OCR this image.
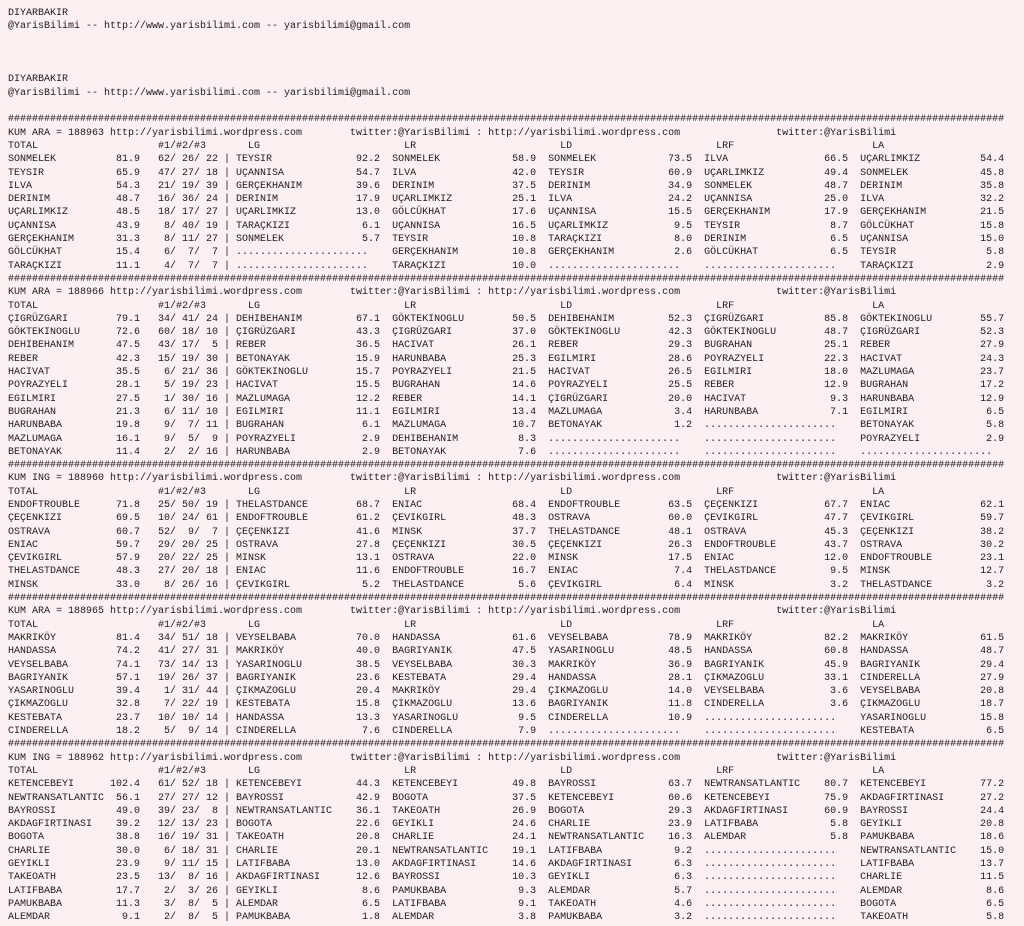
DIYARBAKIR
@YarisBilimi -- http://www.yarisbilimi.com -- yarisbilimi@gmail.com
DIYARBAKIR
@YarisBilimi -- http://www.yarisbilimi.com -- yarisbilimi@gmail.com
######################################################################################################################################################################
KUM ARA = 188963 http://yarisbilimi.wordpress.com        twitter:@YarisBilimi : http://yarisbilimi.wordpress.com                twitter:@YarisBilimi
TOTAL                    #1/#2/#3       LG                        LR                        LD                        LRF                       LA
SONMELEK          81.9   62/ 26/ 22 | TEYSIR              92.2  SONMELEK            58.9  SONMELEK            73.5  ILVA                66.5  UÇARLIMKIZ          54.4
TEYSIR            65.9   47/ 27/ 18 | UÇANNISA            54.7  ILVA                42.0  TEYSIR              60.9  UÇARLIMKIZ          49.4  SONMELEK            45.8
ILVA              54.3   21/ 19/ 39 | GERÇEKHANIM         39.6  DERINIM             37.5  DERINIM             34.9  SONMELEK            48.7  DERINIM             35.8
DERINIM           48.7   16/ 36/ 24 | DERINIM             17.9  UÇARLIMKIZ          25.1  ILVA                24.2  UÇANNISA            25.0  ILVA                32.2
UÇARLIMKIZ        48.5   18/ 17/ 27 | UÇARLIMKIZ          13.0  GÖLCÜKHAT           17.6  UÇANNISA            15.5  GERÇEKHANIM         17.9  GERÇEKHANIM         21.5
UÇANNISA          43.9    8/ 40/ 19 | TARAÇKIZI            6.1  UÇANNISA            16.5  UÇARLIMKIZ           9.5  TEYSIR               8.7  GÖLCÜKHAT           15.8
GERÇEKHANIM       31.3    8/ 11/ 27 | SONMELEK             5.7  TEYSIR              10.8  TARAÇKIZI            8.0  DERINIM              6.5  UÇANNISA            15.0
GÖLCÜKHAT         15.4    6/  7/  7 | ......................    GERÇEKHANIM         10.8  GERÇEKHANIM          2.6  GÖLCÜKHAT            6.5  TEYSIR               5.8
TARAÇKIZI         11.1    4/  7/  7 | ......................    TARAÇKIZI           10.0  ......................    ......................    TARAÇKIZI            2.9
######################################################################################################################################################################
KUM ARA = 188966 http://yarisbilimi.wordpress.com        twitter:@YarisBilimi : http://yarisbilimi.wordpress.com                twitter:@YarisBilimi
TOTAL                    #1/#2/#3       LG                        LR                        LD                        LRF                       LA
ÇIGRÜZGARI        79.1   34/ 41/ 24 | DEHIBEHANIM         67.1  GÖKTEKINOGLU        50.5  DEHIBEHANIM         52.3  ÇIGRÜZGARI          85.8  GÖKTEKINOGLU        55.7
GÖKTEKINOGLU      72.6   60/ 18/ 10 | ÇIGRÜZGARI          43.3  ÇIGRÜZGARI          37.0  GÖKTEKINOGLU        42.3  GÖKTEKINOGLU        48.7  ÇIGRÜZGARI          52.3
DEHIBEHANIM       47.5   43/ 17/  5 | REBER               36.5  HACIVAT             26.1  REBER               29.3  BUGRAHAN            25.1  REBER               27.9
REBER             42.3   15/ 19/ 30 | BETONAYAK           15.9  HARUNBABA           25.3  EGILMIRI            28.6  POYRAZYELI          22.3  HACIVAT             24.3
HACIVAT           35.5    6/ 21/ 36 | GÖKTEKINOGLU        15.7  POYRAZYELI          21.5  HACIVAT             26.5  EGILMIRI            18.0  MAZLUMAGA           23.7
POYRAZYELI        28.1    5/ 19/ 23 | HACIVAT             15.5  BUGRAHAN            14.6  POYRAZYELI          25.5  REBER               12.9  BUGRAHAN            17.2
EGILMIRI          27.5    1/ 30/ 16 | MAZLUMAGA           12.2  REBER               14.1  ÇIGRÜZGARI          20.0  HACIVAT              9.3  HARUNBABA           12.9
BUGRAHAN          21.3    6/ 11/ 10 | EGILMIRI            11.1  EGILMIRI            13.4  MAZLUMAGA            3.4  HARUNBABA            7.1  EGILMIRI             6.5
HARUNBABA         19.8    9/  7/ 11 | BUGRAHAN             6.1  MAZLUMAGA           10.7  BETONAYAK            1.2  ......................    BETONAYAK            5.8
MAZLUMAGA         16.1    9/  5/  9 | POYRAZYELI           2.9  DEHIBEHANIM          8.3  ......................    ......................    POYRAZYELI           2.9
BETONAYAK         11.4    2/  2/ 16 | HARUNBABA            2.9  BETONAYAK            7.6  ......................    ......................    ......................
######################################################################################################################################################################
KUM ING = 188960 http://yarisbilimi.wordpress.com        twitter:@YarisBilimi : http://yarisbilimi.wordpress.com                twitter:@YarisBilimi
TOTAL                    #1/#2/#3       LG                        LR                        LD                        LRF                       LA
ENDOFTROUBLE      71.8   25/ 50/ 19 | THELASTDANCE        68.7  ENIAC               68.4  ENDOFTROUBLE        63.5  ÇEÇENKIZI           67.7  ENIAC               62.1
ÇEÇENKIZI         69.5   10/ 24/ 61 | ENDOFTROUBLE        61.2  ÇEVIKGIRL           48.3  OSTRAVA             60.0  ÇEVIKGIRL           47.7  ÇEVIKGIRL           59.7
OSTRAVA           60.7   52/  9/  7 | ÇEÇENKIZI           41.6  MINSK               37.7  THELASTDANCE        48.1  OSTRAVA             45.3  ÇEÇENKIZI           38.2
ENIAC             59.7   29/ 20/ 25 | OSTRAVA             27.8  ÇEÇENKIZI           30.5  ÇEÇENKIZI           26.3  ENDOFTROUBLE        43.7  OSTRAVA             30.2
ÇEVIKGIRL         57.9   20/ 22/ 25 | MINSK               13.1  OSTRAVA             22.0  MINSK               17.5  ENIAC               12.0  ENDOFTROUBLE        23.1
THELASTDANCE      48.3   27/ 20/ 18 | ENIAC               11.6  ENDOFTROUBLE        16.7  ENIAC                7.4  THELASTDANCE         9.5  MINSK               12.7
MINSK             33.0    8/ 26/ 16 | ÇEVIKGIRL            5.2  THELASTDANCE         5.6  ÇEVIKGIRL            6.4  MINSK                3.2  THELASTDANCE         3.2
######################################################################################################################################################################
KUM ARA = 188965 http://yarisbilimi.wordpress.com        twitter:@YarisBilimi : http://yarisbilimi.wordpress.com                twitter:@YarisBilimi
TOTAL                    #1/#2/#3       LG                        LR                        LD                        LRF                       LA
MAKRIKÖY          81.4   34/ 51/ 18 | VEYSELBABA          70.0  HANDASSA            61.6  VEYSELBABA          78.9  MAKRIKÖY            82.2  MAKRIKÖY            61.5
HANDASSA          74.2   41/ 27/ 31 | MAKRIKÖY            40.0  BAGRIYANIK          47.5  YASARINOGLU         48.5  HANDASSA            60.8  HANDASSA            48.7
VEYSELBABA        74.1   73/ 14/ 13 | YASARINOGLU         38.5  VEYSELBABA          30.3  MAKRIKÖY            36.9  BAGRIYANIK          45.9  BAGRIYANIK          29.4
BAGRIYANIK        57.1   19/ 26/ 37 | BAGRIYANIK          23.6  KESTEBATA           29.4  HANDASSA            28.1  ÇIKMAZOGLU          33.1  CINDERELLA          27.9
YASARINOGLU       39.4    1/ 31/ 44 | ÇIKMAZOGLU          20.4  MAKRIKÖY            29.4  ÇIKMAZOGLU          14.0  VEYSELBABA           3.6  VEYSELBABA          20.8
ÇIKMAZOGLU        32.8    7/ 22/ 19 | KESTEBATA           15.8  ÇIKMAZOGLU          13.6  BAGRIYANIK          11.8  CINDERELLA           3.6  ÇIKMAZOGLU          18.7
KESTEBATA         23.7   10/ 10/ 14 | HANDASSA            13.3  YASARINOGLU          9.5  CINDERELLA          10.9  ......................    YASARINOGLU         15.8
CINDERELLA        18.2    5/  9/ 14 | CINDERELLA           7.6  CINDERELLA           7.9  ......................    ......................    KESTEBATA            6.5
######################################################################################################################################################################
KUM ING = 188962 http://yarisbilimi.wordpress.com        twitter:@YarisBilimi : http://yarisbilimi.wordpress.com                twitter:@YarisBilimi
TOTAL                    #1/#2/#3       LG                        LR                        LD                        LRF                       LA
KETENCEBEYI      102.4   61/ 52/ 18 | KETENCEBEYI         44.3  KETENCEBEYI         49.8  BAYROSSI            63.7  NEWTRANSATLANTIC    80.7  KETENCEBEYI         77.2
NEWTRANSATLANTIC  56.1   27/ 27/ 12 | BAYROSSI            42.9  BOGOTA              37.5  KETENCEBEYI         60.6  KETENCEBEYI         75.9  AKDAGFIRTINASI      27.2
BAYROSSI          49.0   39/ 23/  8 | NEWTRANSATLANTIC    36.1  TAKEOATH            26.9  BOGOTA              29.3  AKDAGFIRTINASI      60.9  BAYROSSI            24.4
AKDAGFIRTINASI    39.2   12/ 13/ 23 | BOGOTA              22.6  GEYIKLI             24.6  CHARLIE             23.9  LATIFBABA            5.8  GEYIKLI             20.8
BOGOTA            38.8   16/ 19/ 31 | TAKEOATH            20.8  CHARLIE             24.1  NEWTRANSATLANTIC    16.3  ALEMDAR              5.8  PAMUKBABA           18.6
CHARLIE           30.0    6/ 18/ 31 | CHARLIE             20.1  NEWTRANSATLANTIC    19.1  LATIFBABA            9.2  ......................    NEWTRANSATLANTIC    15.0
GEYIKLI           23.9    9/ 11/ 15 | LATIFBABA           13.0  AKDAGFIRTINASI      14.6  AKDAGFIRTINASI       6.3  ......................    LATIFBABA           13.7
TAKEOATH          23.5   13/  8/ 16 | AKDAGFIRTINASI      12.6  BAYROSSI            10.3  GEYIKLI              6.3  ......................    CHARLIE             11.5
LATIFBABA         17.7    2/  3/ 26 | GEYIKLI              8.6  PAMUKBABA            9.3  ALEMDAR              5.7  ......................    ALEMDAR              8.6
PAMUKBABA         11.3    3/  8/  5 | ALEMDAR              6.5  LATIFBABA            9.1  TAKEOATH             4.6  ......................    BOGOTA               6.5
ALEMDAR            9.1    2/  8/  5 | PAMUKBABA            1.8  ALEMDAR              3.8  PAMUKBABA            3.2  ......................    TAKEOATH             5.8
